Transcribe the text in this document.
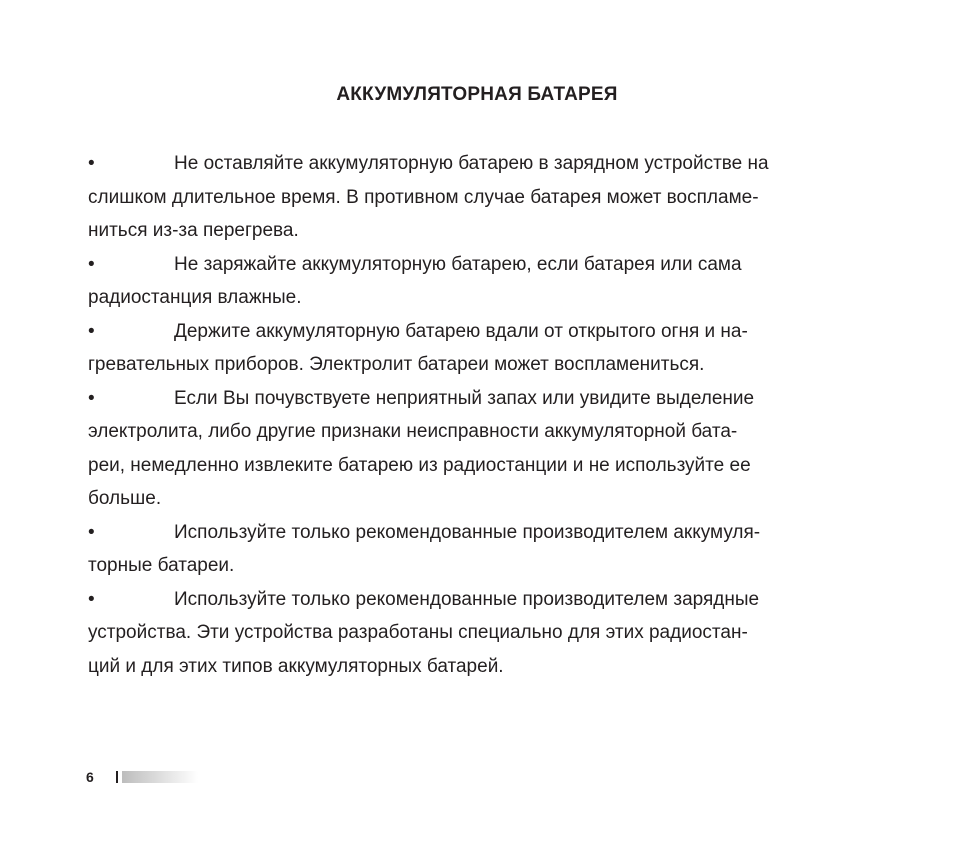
АККУМУЛЯТОРНАЯ БАТАРЕЯ
•	Не оставляйте аккумуляторную батарею в зарядном устройстве на
слишком длительное время. В противном случае батарея может воспламе-
ниться из-за перегрева.
•	Не заряжайте аккумуляторную батарею, если батарея или сама
радиостанция влажные.
•	Держите аккумуляторную батарею вдали от открытого огня и на-
гревательных приборов. Электролит батареи может воспламениться.
•	Если Вы почувствуете неприятный запах или увидите выделение
электролита, либо другие признаки неисправности аккумуляторной бата-
реи, немедленно извлеките батарею из радиостанции и не используйте ее
больше.
•	Используйте только рекомендованные производителем аккумуля-
торные батареи.
•	Используйте только рекомендованные производителем зарядные
устройства. Эти устройства разработаны специально для этих радиостан-
ций и для этих типов аккумуляторных батарей.
6
